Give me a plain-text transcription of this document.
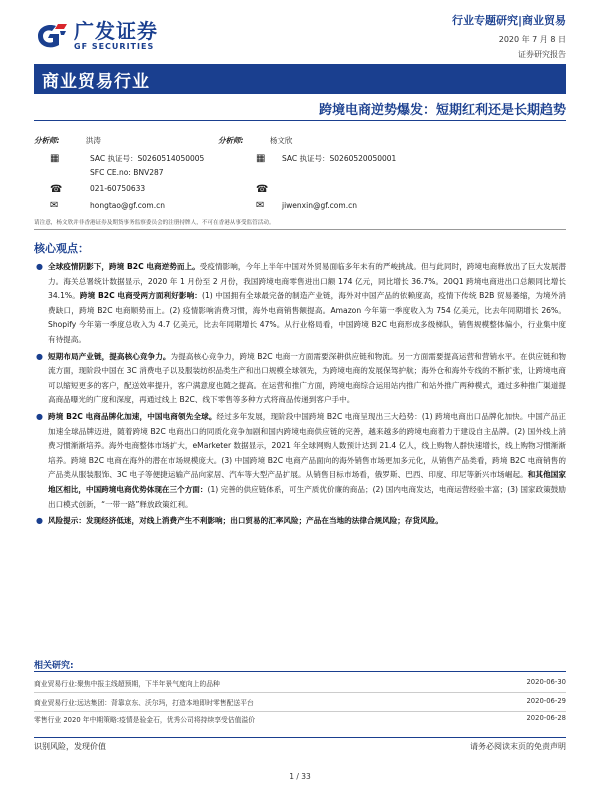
广发证券
GF SECURITIES
行业专题研究|商业贸易
2020 年 7 月 8 日
证券研究报告
商业贸易行业
跨境电商逆势爆发：短期红利还是长期趋势
分析师:	洪涛
▦	SAC 执证号：S0260514050005
SFC CE.no: BNV287
☎	021-60750633
✉	hongtao@gf.com.cn
分析师:	杨文欣
▦ SAC 执证号：S0260520050001
☎
✉	jiwenxin@gf.com.cn
请注意，杨文欣并非香港证券及期货事务监察委员会的注册持牌人，不可在香港从事受监管活动。
核心观点：
● 全球疫情阴影下，跨境 B2C 电商逆势而上。受疫情影响，今年上半年中国对外贸易面临多年未有的严峻挑战。但与此同时，跨境电商释放出了巨大发展潜力。海关总署统计数据显示，2020 年 1 月份至 2 月份，我国跨境电商零售进出口额 174 亿元，同比增长 36.7%。20Q1 跨境电商进出口总额同比增长 34.1%。跨境 B2C 电商受两方面利好影响：(1) 中国拥有全球最完备的制造产业链，海外对中国产品的依赖度高，疫情下传统 B2B 贸易萎缩，为境外消费缺口，跨境 B2C 电商顺势而上。(2) 疫情影响消费习惯，海外电商销售额提高。Amazon 今年第一季度收入为 754 亿美元，比去年同期增长 26%。Shopify 今年第一季度总收入为 4.7 亿美元，比去年同期增长 47%。从行业格局看，中国跨境 B2C 电商形成多级梯队，销售规模整体偏小，行业集中度有待提高。
● 短期布局产业链，提高核心竞争力。为提高核心竞争力，跨境 B2C 电商一方面需要深耕供应链和物流。另一方面需要提高运营和营销水平。在供应链和物流方面，现阶段中国在 3C 消费电子以及服装纺织品类生产和出口规模全球领先，为跨境电商的发展保驾护航；海外仓和海外专线的不断扩张，让跨境电商可以缩短更多的客户，配送效率提升，客户满意度也随之提高。在运营和推广方面，跨境电商综合运用站内推广和站外推广两种模式，通过多种推广渠道提高商品曝光的广度和深度，再通过线上 B2C、线下零售等多种方式将商品传递到客户手中。
● 跨境 B2C 电商品牌化加速，中国电商领先全球。经过多年发展，现阶段中国跨境 B2C 电商呈现出三大趋势：(1) 跨境电商出口品牌化加快。中国产品正加速全球品牌迈进，随着跨境 B2C 电商出口的同质化竞争加剧和国内跨境电商供应链的完善，越来越多的跨境电商着力于建设自主品牌。(2) 国外线上消费习惯渐渐培养。海外电商整体市场扩大，eMarketer 数据显示，2021 年全球网购人数预计达到 21.4 亿人，线上购物人群快速增长，线上购物习惯渐渐培养。跨境 B2C 电商在海外的潜在市场规模庞大。(3) 中国跨境 B2C 电商产品面向的海外销售市场更加多元化，从销售产品类看，跨境 B2C 电商销售的产品类从服装服饰、3C 电子等便捷运输产品向家居、汽车等大型产品扩展。从销售目标市场看，俄罗斯、巴西、印度、印尼等新兴市场崛起。和其他国家地区相比，中国跨境电商优势体现在三个方面：(1) 完善的供应链体系，可生产质优价廉的商品；(2) 国内电商发达，电商运营经验丰富；(3) 国家政策鼓励出口模式创新，“一带一路”释放政策红利。
● 风险提示：发现经济低迷，对线上消费产生不利影响；出口贸易的汇率风险；产品在当地的法律合规风险；存货风险。
相关研究:
商业贸易行业:聚焦中报主线超预期，下半年景气度向上的品种	2020-06-30
商业贸易行业:远达集团：背靠京东、沃尔玛，打造本地即时零售配送平台	2020-06-29
零售行业 2020 年中期策略:疫情是验金石，优秀公司将持续享受估值溢价	2020-06-28
识别风险，发现价值	请务必阅读末页的免责声明
1 / 33
